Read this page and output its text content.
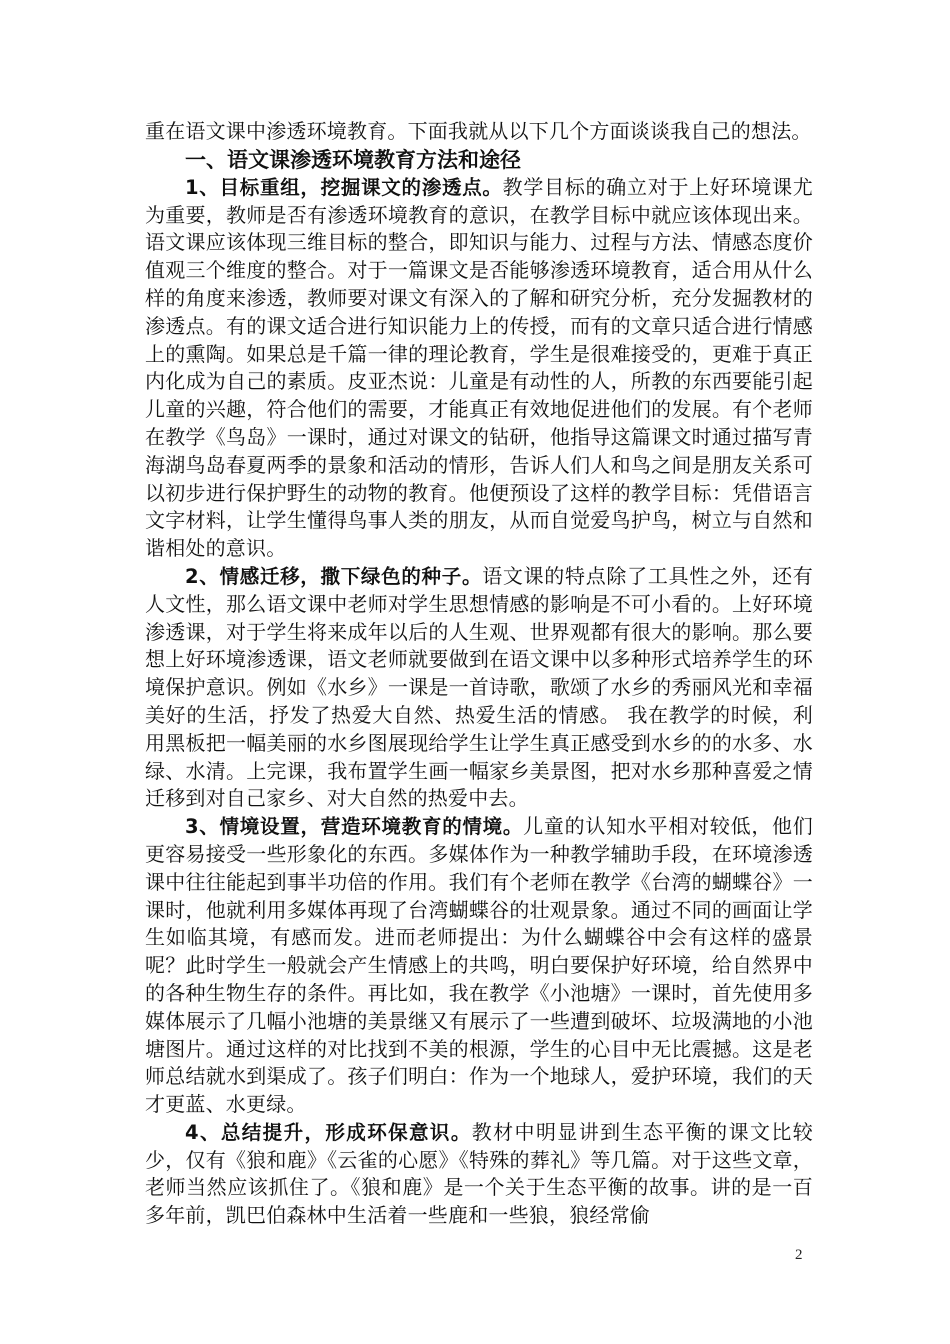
重在语文课中渗透环境教育。下面我就从以下几个方面谈谈我自己的想法。

一、语文课渗透环境教育方法和途径

1、目标重组，挖掘课文的渗透点。教学目标的确立对于上好环境课尤为重要，教师是否有渗透环境教育的意识，在教学目标中就应该体现出来。语文课应该体现三维目标的整合，即知识与能力、过程与方法、情感态度价值观三个维度的整合。对于一篇课文是否能够渗透环境教育，适合用从什么样的角度来渗透，教师要对课文有深入的了解和研究分析，充分发掘教材的渗透点。有的课文适合进行知识能力上的传授，而有的文章只适合进行情感上的熏陶。如果总是千篇一律的理论教育，学生是很难接受的，更难于真正内化成为自己的素质。皮亚杰说：儿童是有动性的人，所教的东西要能引起儿童的兴趣，符合他们的需要，才能真正有效地促进他们的发展。有个老师在教学《鸟岛》一课时，通过对课文的钻研，他指导这篇课文时通过描写青海湖鸟岛春夏两季的景象和活动的情形，告诉人们人和鸟之间是朋友关系可以初步进行保护野生的动物的教育。他便预设了这样的教学目标：凭借语言文字材料，让学生懂得鸟事人类的朋友，从而自觉爱鸟护鸟，树立与自然和谐相处的意识。

2、情感迁移，撒下绿色的种子。语文课的特点除了工具性之外，还有人文性，那么语文课中老师对学生思想情感的影响是不可小看的。上好环境渗透课，对于学生将来成年以后的人生观、世界观都有很大的影响。那么要想上好环境渗透课，语文老师就要做到在语文课中以多种形式培养学生的环境保护意识。例如《水乡》一课是一首诗歌，歌颂了水乡的秀丽风光和幸福美好的生活，抒发了热爱大自然、热爱生活的情感。 我在教学的时候，利用黑板把一幅美丽的水乡图展现给学生让学生真正感受到水乡的的水多、水绿、水清。上完课，我布置学生画一幅家乡美景图，把对水乡那种喜爱之情迁移到对自己家乡、对大自然的热爱中去。

3、情境设置，营造环境教育的情境。儿童的认知水平相对较低，他们更容易接受一些形象化的东西。多媒体作为一种教学辅助手段，在环境渗透课中往往能起到事半功倍的作用。我们有个老师在教学《台湾的蝴蝶谷》一课时，他就利用多媒体再现了台湾蝴蝶谷的壮观景象。通过不同的画面让学生如临其境，有感而发。进而老师提出：为什么蝴蝶谷中会有这样的盛景呢？此时学生一般就会产生情感上的共鸣，明白要保护好环境，给自然界中的各种生物生存的条件。再比如，我在教学《小池塘》一课时，首先使用多媒体展示了几幅小池塘的美景继又有展示了一些遭到破坏、垃圾满地的小池塘图片。通过这样的对比找到不美的根源，学生的心目中无比震撼。这是老师总结就水到渠成了。孩子们明白：作为一个地球人，爱护环境，我们的天才更蓝、水更绿。

4、总结提升，形成环保意识。教材中明显讲到生态平衡的课文比较少，仅有《狼和鹿》《云雀的心愿》《特殊的葬礼》等几篇。对于这些文章，老师当然应该抓住了。《狼和鹿》是一个关于生态平衡的故事。讲的是一百多年前，凯巴伯森林中生活着一些鹿和一些狼，狼经常偷

2
